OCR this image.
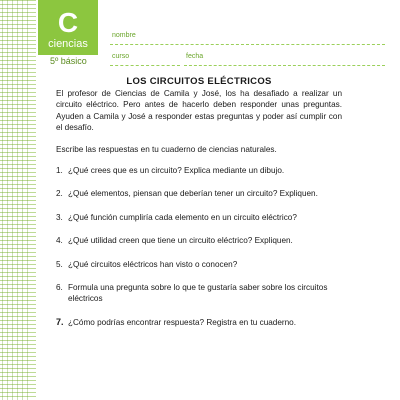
C
ciencias
5º básico
nombre
curso	fecha

LOS CIRCUITOS ELÉCTRICOS

El profesor de Ciencias de Camila y José, los ha desafiado a realizar un circuito eléctrico. Pero antes de hacerlo deben responder unas preguntas. Ayuden a Camila y José a responder estas preguntas y poder así cumplir con el desafío.

Escribe las respuestas en tu cuaderno de ciencias naturales.

1. ¿Qué crees que es un circuito? Explica mediante un dibujo.
2. ¿Qué elementos, piensan que deberían tener un circuito? Expliquen.
3. ¿Qué función cumpliría cada elemento en un circuito eléctrico?
4. ¿Qué utilidad creen que tiene un circuito eléctrico? Expliquen.
5. ¿Qué circuitos eléctricos han visto o conocen?
6. Formula una pregunta sobre lo que te gustaría saber sobre los circuitos eléctricos
7. ¿Cómo podrías encontrar respuesta? Registra en tu cuaderno.
